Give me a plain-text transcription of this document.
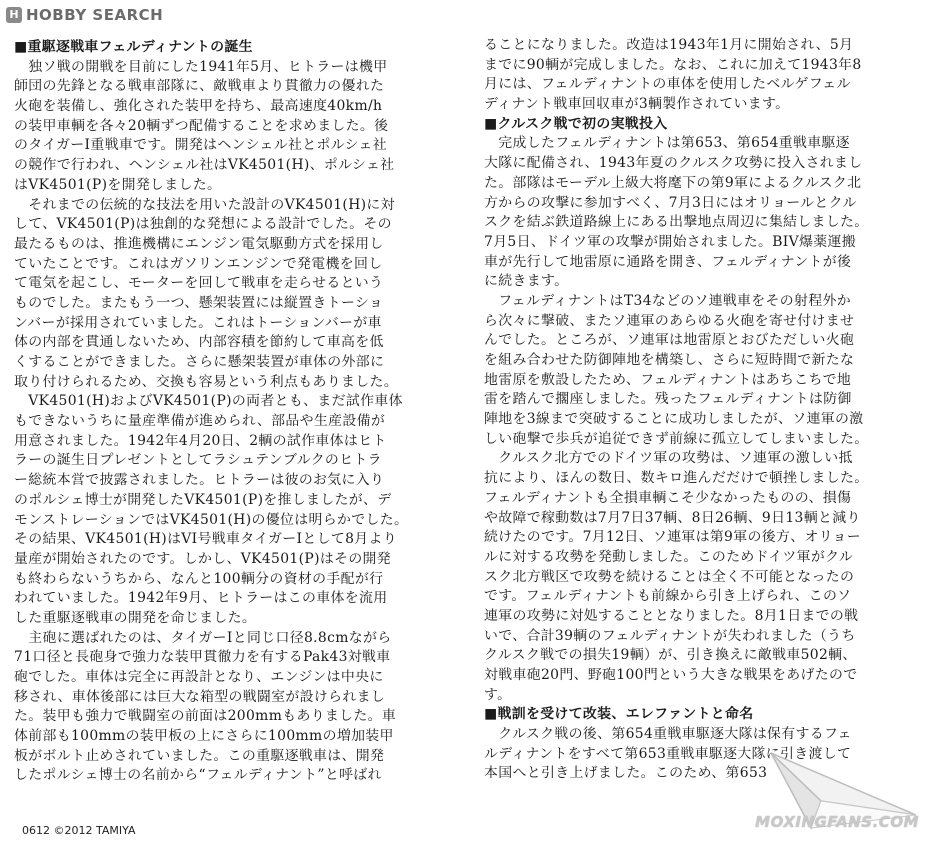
H HOBBY SEARCH
■重駆逐戦車フェルディナントの誕生
　独ソ戦の開戦を目前にした1941年5月、ヒトラーは機甲
師団の先鋒となる戦車部隊に、敵戦車より貫徹力の優れた
火砲を装備し、強化された装甲を持ち、最高速度40km/h
の装甲車輌を各々20輌ずつ配備することを求めました。後
のタイガーI重戦車です。開発はヘンシェル社とポルシェ社
の競作で行われ、ヘンシェル社はVK4501(H)、ポルシェ社
はVK4501(P)を開発しました。
　それまでの伝統的な技法を用いた設計のVK4501(H)に対
して、VK4501(P)は独創的な発想による設計でした。その
最たるものは、推進機構にエンジン電気駆動方式を採用し
ていたことです。これはガソリンエンジンで発電機を回し
て電気を起こし、モーターを回して戦車を走らせるという
ものでした。またもう一つ、懸架装置には縦置きトーショ
ンバーが採用されていました。これはトーションバーが車
体の内部を貫通しないため、内部容積を節約して車高を低
くすることができました。さらに懸架装置が車体の外部に
取り付けられるため、交換も容易という利点もありました。
　VK4501(H)およびVK4501(P)の両者とも、まだ試作車体
もできないうちに量産準備が進められ、部品や生産設備が
用意されました。1942年4月20日、2輌の試作車体はヒト
ラーの誕生日プレゼントとしてラシュテンブルクのヒトラ
ー総統本営で披露されました。ヒトラーは彼のお気に入り
のポルシェ博士が開発したVK4501(P)を推しましたが、デ
モンストレーションではVK4501(H)の優位は明らかでした。
その結果、VK4501(H)はVI号戦車タイガーIとして8月より
量産が開始されたのです。しかし、VK4501(P)はその開発
も終わらないうちから、なんと100輌分の資材の手配が行
われていました。1942年9月、ヒトラーはこの車体を流用
した重駆逐戦車の開発を命じました。
　主砲に選ばれたのは、タイガーIと同じ口径8.8cmながら
71口径と長砲身で強力な装甲貫徹力を有するPak43対戦車
砲でした。車体は完全に再設計となり、エンジンは中央に
移され、車体後部には巨大な箱型の戦闘室が設けられまし
た。装甲も強力で戦闘室の前面は200mmもありました。車
体前部も100mmの装甲板の上にさらに100mmの増加装甲
板がボルト止めされていました。この重駆逐戦車は、開発
したポルシェ博士の名前から“フェルディナント”と呼ばれ
ることになりました。改造は1943年1月に開始され、5月
までに90輌が完成しました。なお、これに加えて1943年8
月には、フェルディナントの車体を使用したベルゲフェル
ディナント戦車回収車が3輌製作されています。
■クルスク戦で初の実戦投入
　完成したフェルディナントは第653、第654重戦車駆逐
大隊に配備され、1943年夏のクルスク攻勢に投入されまし
た。部隊はモーデル上級大将麾下の第9軍によるクルスク北
方からの攻撃に参加すべく、7月3日にはオリョールとクル
スクを結ぶ鉄道路線上にある出撃地点周辺に集結しました。
7月5日、ドイツ軍の攻撃が開始されました。BIV爆薬運搬
車が先行して地雷原に通路を開き、フェルディナントが後
に続きます。
　フェルディナントはT34などのソ連戦車をその射程外か
ら次々に撃破、またソ連軍のあらゆる火砲を寄せ付けませ
んでした。ところが、ソ連軍は地雷原とおびただしい火砲
を組み合わせた防御陣地を構築し、さらに短時間で新たな
地雷原を敷設したため、フェルディナントはあちこちで地
雷を踏んで擱座しました。残ったフェルディナントは防御
陣地を3線まで突破することに成功しましたが、ソ連軍の激
しい砲撃で歩兵が追従できず前線に孤立してしまいました。
　クルスク北方でのドイツ軍の攻勢は、ソ連軍の激しい抵
抗により、ほんの数日、数キロ進んだだけで頓挫しました。
フェルディナントも全損車輌こそ少なかったものの、損傷
や故障で稼動数は7月7日37輌、8日26輌、9日13輌と減り
続けたのです。7月12日、ソ連軍は第9軍の後方、オリョー
ルに対する攻勢を発動しました。このためドイツ軍がクル
スク北方戦区で攻勢を続けることは全く不可能となったの
です。フェルディナントも前線から引き上げられ、このソ
連軍の攻勢に対処することとなりました。8月1日までの戦
いで、合計39輌のフェルディナントが失われました（うち
クルスク戦での損失19輌）が、引き換えに敵戦車502輌、
対戦車砲20門、野砲100門という大きな戦果をあげたので
す。
■戦訓を受けて改装、エレファントと命名
　クルスク戦の後、第654重戦車駆逐大隊は保有するフェ
ルディナントをすべて第653重戦車駆逐大隊に引き渡して
本国へと引き上げました。このため、第653
0612 ©2012 TAMIYA	MOXINGFANS.COM
